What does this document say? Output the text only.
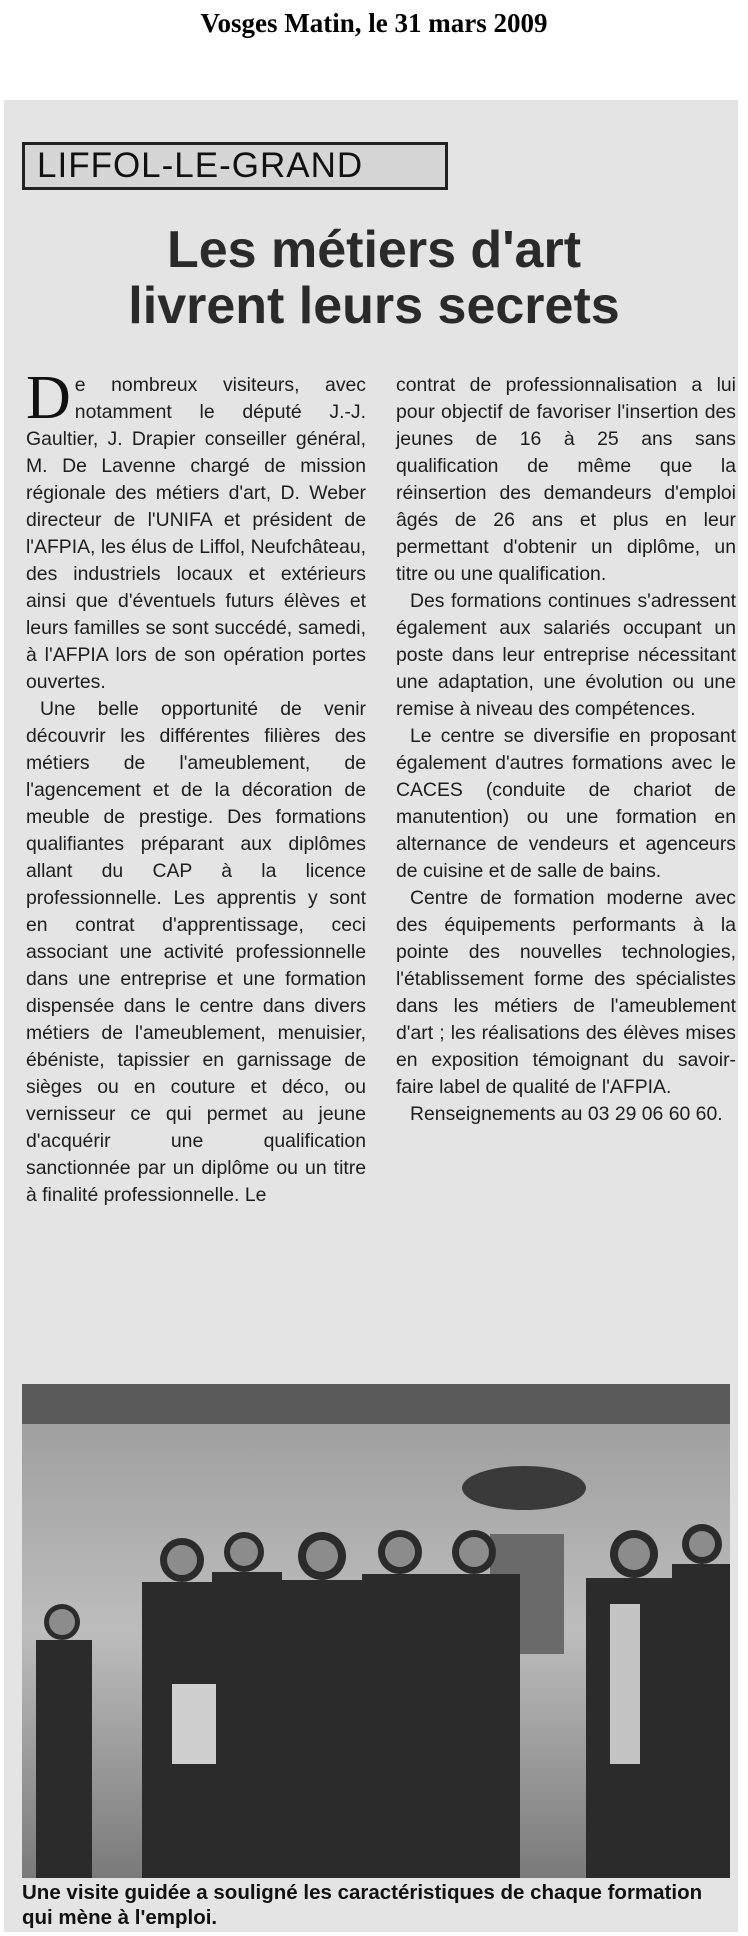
Vosges Matin, le 31 mars 2009
LIFFOL-LE-GRAND
Les métiers d'art
livrent leurs secrets

De nombreux visiteurs, avec notamment le député J.-J. Gaultier, J. Drapier conseiller général, M. De Lavenne chargé de mission régionale des métiers d'art, D. Weber directeur de l'UNIFA et président de l'AFPIA, les élus de Liffol, Neufchâteau, des industriels locaux et extérieurs ainsi que d'éventuels futurs élèves et leurs familles se sont succédé, samedi, à l'AFPIA lors de son opération portes ouvertes.

Une belle opportunité de venir découvrir les différentes filières des métiers de l'ameublement, de l'agencement et de la décoration de meuble de prestige. Des formations qualifiantes préparant aux diplômes allant du CAP à la licence professionnelle. Les apprentis y sont en contrat d'apprentissage, ceci associant une activité professionnelle dans une entreprise et une formation dispensée dans le centre dans divers métiers de l'ameublement, menuisier, ébéniste, tapissier en garnissage de sièges ou en couture et déco, ou vernisseur ce qui permet au jeune d'acquérir une qualification sanctionnée par un diplôme ou un titre à finalité professionnelle. Le

contrat de professionnalisation a lui pour objectif de favoriser l'insertion des jeunes de 16 à 25 ans sans qualification de même que la réinsertion des demandeurs d'emploi âgés de 26 ans et plus en leur permettant d'obtenir un diplôme, un titre ou une qualification.

Des formations continues s'adressent également aux salariés occupant un poste dans leur entreprise nécessitant une adaptation, une évolution ou une remise à niveau des compétences.

Le centre se diversifie en proposant également d'autres formations avec le CACES (conduite de chariot de manutention) ou une formation en alternance de vendeurs et agenceurs de cuisine et de salle de bains.

Centre de formation moderne avec des équipements performants à la pointe des nouvelles technologies, l'établissement forme des spécialistes dans les métiers de l'ameublement d'art ; les réalisations des élèves mises en exposition témoignant du savoir-faire label de qualité de l'AFPIA.

Renseignements au 03 29 06 60 60.

Une visite guidée a souligné les caractéristiques de chaque formation qui mène à l'emploi.
